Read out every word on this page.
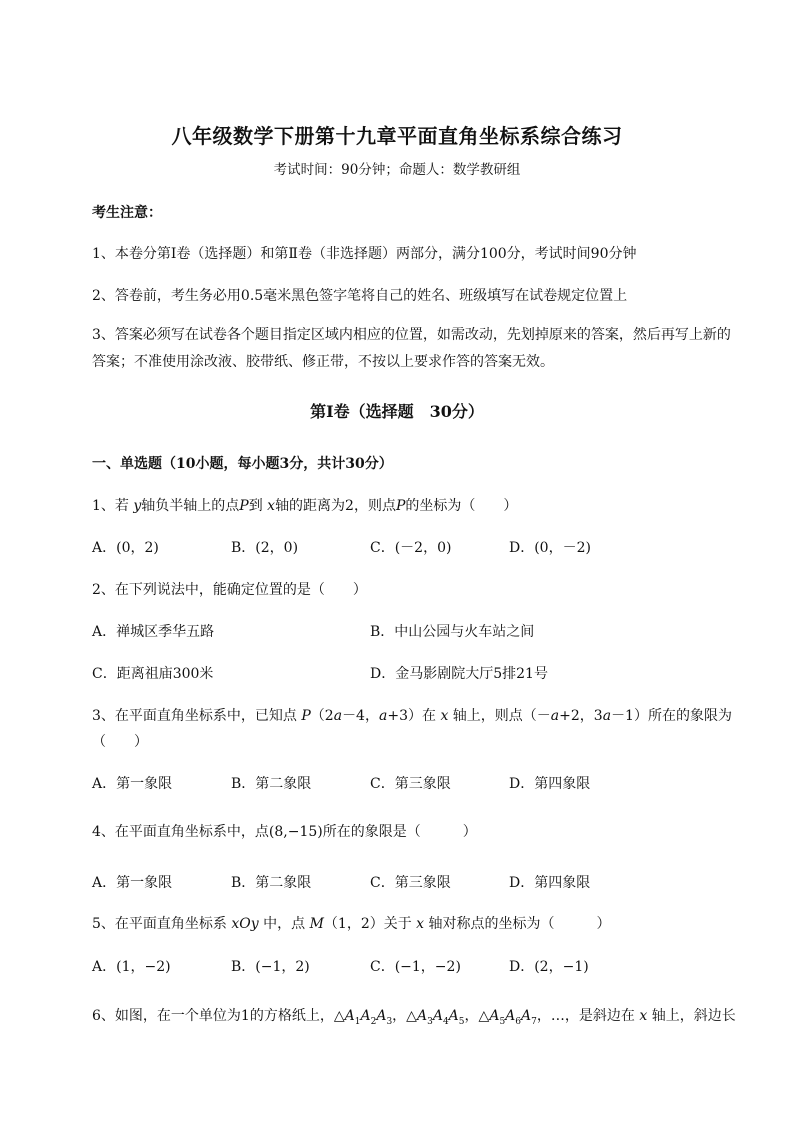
八年级数学下册第十九章平面直角坐标系综合练习
考试时间：90分钟；命题人：数学教研组
考生注意：
1、本卷分第I卷（选择题）和第Ⅱ卷（非选择题）两部分，满分100分，考试时间90分钟
2、答卷前，考生务必用0.5毫米黑色签字笔将自己的姓名、班级填写在试卷规定位置上
3、答案必须写在试卷各个题目指定区域内相应的位置，如需改动，先划掉原来的答案，然后再写上新的答案；不准使用涂改液、胶带纸、修正带，不按以上要求作答的答案无效。
第I卷（选择题　30分）
一、单选题（10小题，每小题3分，共计30分）
1、若 y轴负半轴上的点P到 x轴的距离为2，则点P的坐标为（　　）
A．(0，2)	B．(2，0)	C．(－2，0)	D．(0，－2)
2、在下列说法中，能确定位置的是（　　）
A．禅城区季华五路	B．中山公园与火车站之间
C．距离祖庙300米	D．金马影剧院大厅5排21号
3、在平面直角坐标系中，已知点 P（2a－4，a+3）在 x 轴上，则点（－a+2，3a－1）所在的象限为
（　　）
A．第一象限	B．第二象限	C．第三象限	D．第四象限
4、在平面直角坐标系中，点(8,−15)所在的象限是（　　　）
A．第一象限	B．第二象限	C．第三象限	D．第四象限
5、在平面直角坐标系 xOy 中，点 M（1，2）关于 x 轴对称点的坐标为（　　　）
A．(1，−2)	B．(−1，2)	C．(−1，−2)	D．(2，−1)
6、如图，在一个单位为1的方格纸上，$\triangle A_1A_2A_3$，$\triangle A_3A_4A_5$，$\triangle A_5A_6A_7$，…，是斜边在 x 轴上，斜边长
